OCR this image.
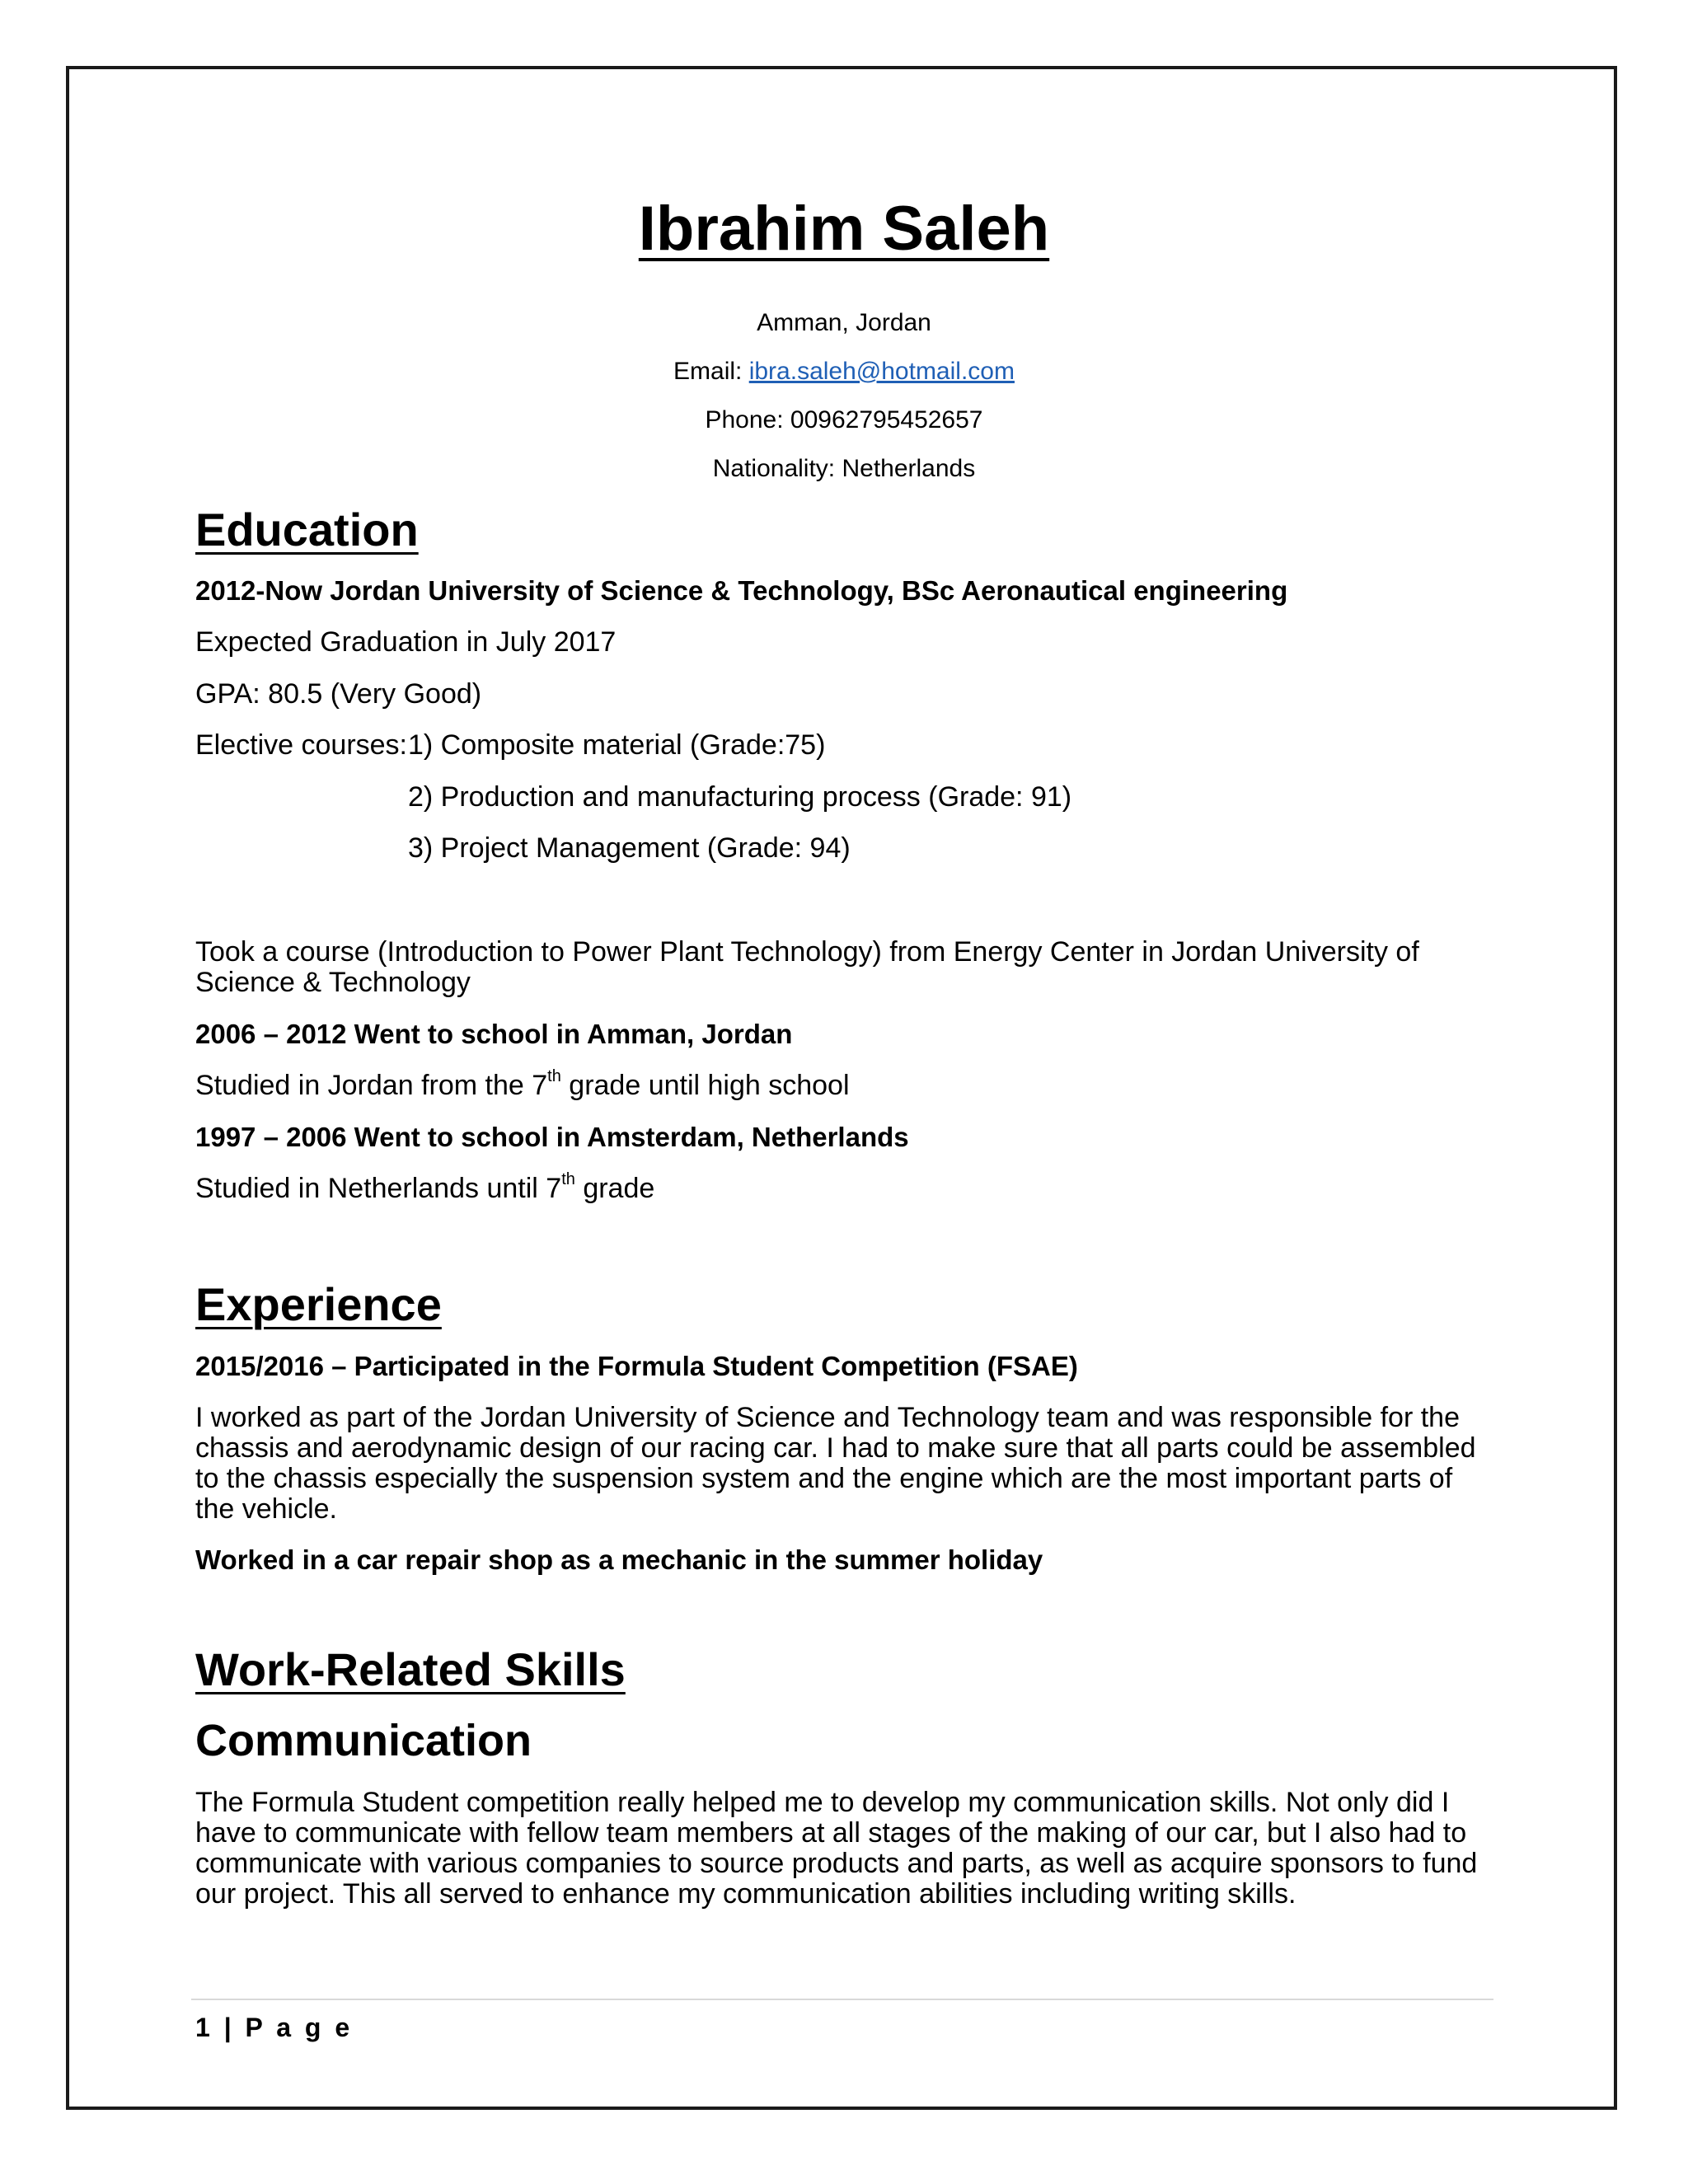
Ibrahim Saleh
Amman, Jordan
Email: ibra.saleh@hotmail.com
Phone: 00962795452657
Nationality: Netherlands
Education
2012-Now Jordan University of Science & Technology, BSc Aeronautical engineering
Expected Graduation in July 2017
GPA: 80.5 (Very Good)
Elective courses: 1) Composite material (Grade:75)
2) Production and manufacturing process (Grade: 91)
3) Project Management (Grade: 94)
Took a course (Introduction to Power Plant Technology) from Energy Center in Jordan University of Science & Technology
2006 – 2012 Went to school in Amman, Jordan
Studied in Jordan from the 7th grade until high school
1997 – 2006 Went to school in Amsterdam, Netherlands
Studied in Netherlands until 7th grade
Experience
2015/2016 – Participated in the Formula Student Competition (FSAE)
I worked as part of the Jordan University of Science and Technology team and was responsible for the chassis and aerodynamic design of our racing car. I had to make sure that all parts could be assembled to the chassis especially the suspension system and the engine which are the most important parts of the vehicle.
Worked in a car repair shop as a mechanic in the summer holiday
Work-Related Skills
Communication
The Formula Student competition really helped me to develop my communication skills. Not only did I have to communicate with fellow team members at all stages of the making of our car, but I also had to communicate with various companies to source products and parts, as well as acquire sponsors to fund our project. This all served to enhance my communication abilities including writing skills.
1 | P a g e
